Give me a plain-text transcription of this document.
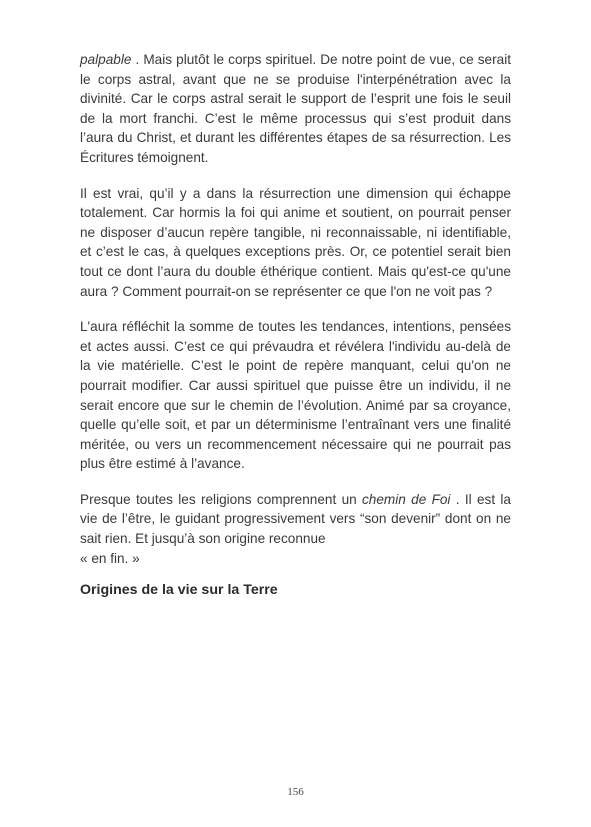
palpable . Mais plutôt le corps spirituel. De notre point de vue, ce serait le corps astral, avant que ne se produise l'interpénétration avec la divinité. Car le corps astral serait le support de l’esprit une fois le seuil de la mort franchi. C’est le même processus qui s’est produit dans l’aura du Christ, et durant les différentes étapes de sa résurrection. Les Écritures témoignent.

Il est vrai, qu’il y a dans la résurrection une dimension qui échappe totalement. Car hormis la foi qui anime et soutient, on pourrait penser ne disposer d’aucun repère tangible, ni reconnaissable, ni identifiable, et c’est le cas, à quelques exceptions près. Or, ce potentiel serait bien tout ce dont l’aura du double éthérique contient. Mais qu'est-ce qu'une aura ? Comment pourrait-on se représenter ce que l'on ne voit pas ?

L'aura réfléchit la somme de toutes les tendances, intentions, pensées et actes aussi. C’est ce qui prévaudra et révélera l'individu au-delà de la vie matérielle. C’est le point de repère manquant, celui qu'on ne pourrait modifier. Car aussi spirituel que puisse être un individu, il ne serait encore que sur le chemin de l’évolution. Animé par sa croyance, quelle qu’elle soit, et par un déterminisme l’entraînant vers une finalité méritée, ou vers un recommencement nécessaire qui ne pourrait pas plus être estimé à l’avance.

Presque toutes les religions comprennent un chemin de Foi . Il est la vie de l’être, le guidant progressivement vers “son devenir” dont on ne sait rien. Et jusqu’à son origine reconnue
« en fin. »

Origines de la vie sur la Terre
156
